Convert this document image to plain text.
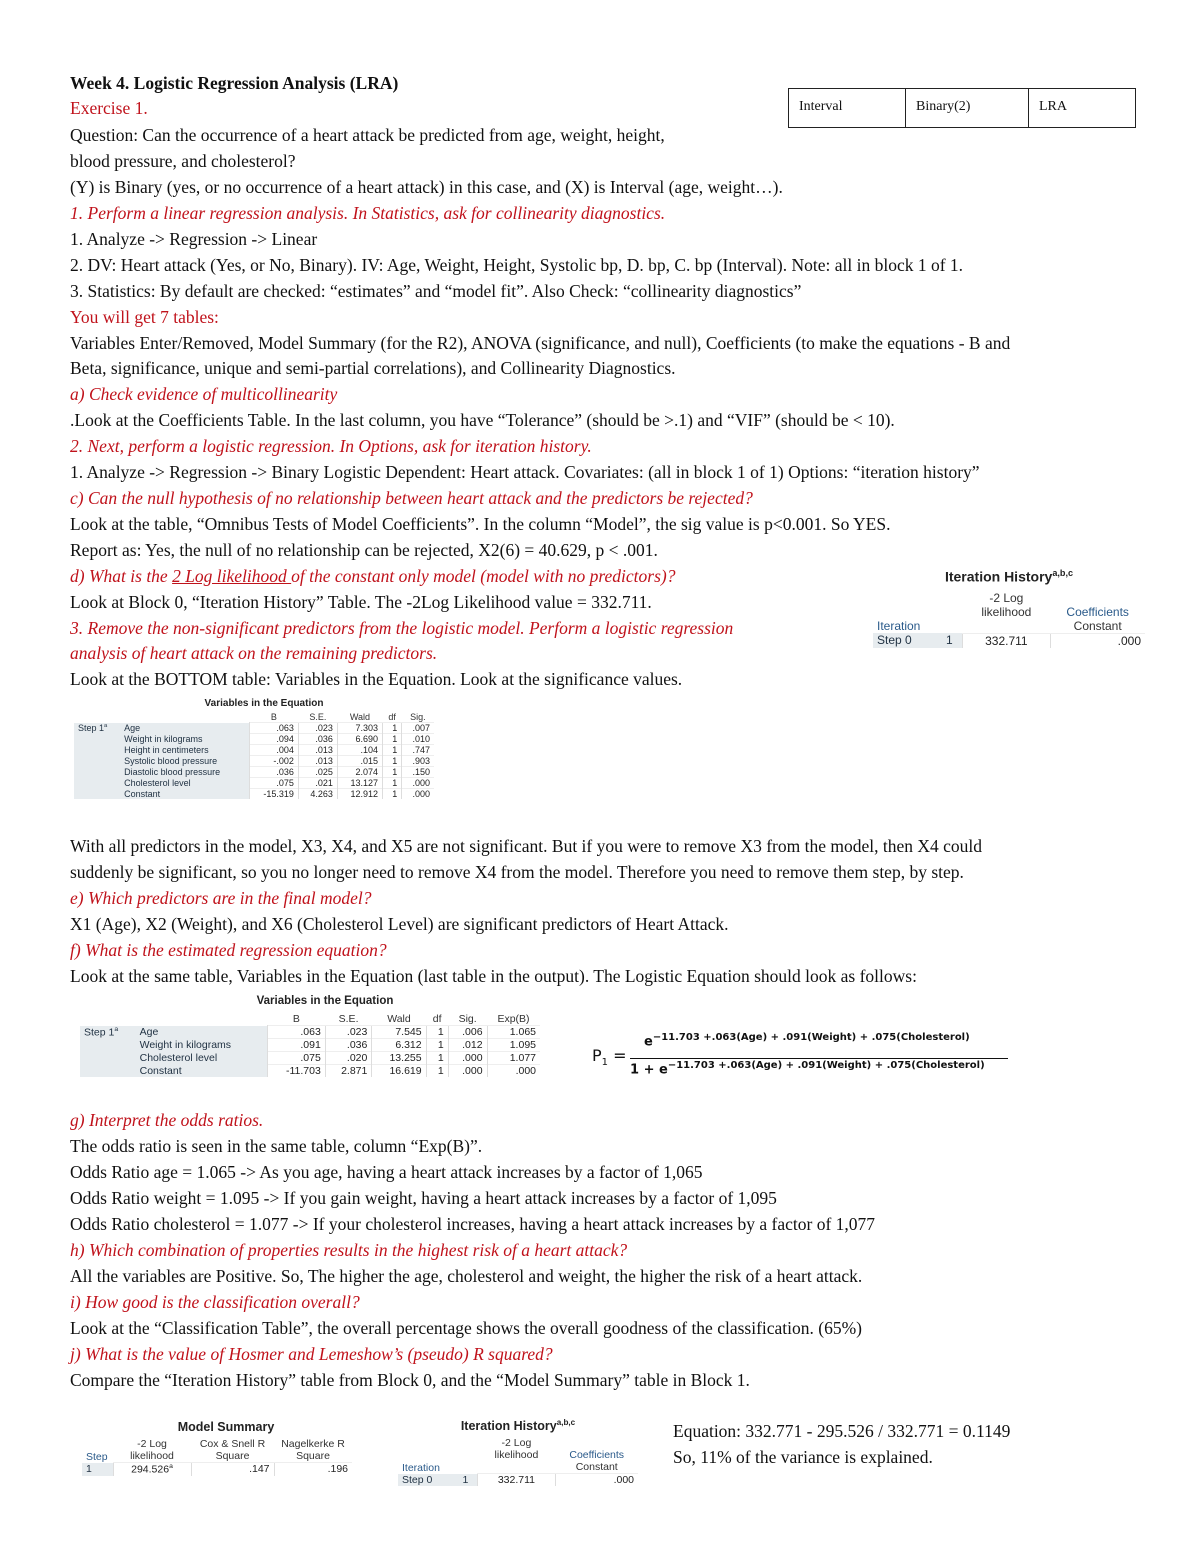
Week 4. Logistic Regression Analysis (LRA)
Exercise 1.	Interval	Binary(2)	LRA
Question: Can the occurrence of a heart attack be predicted from age, weight, height,
blood pressure, and cholesterol?
(Y) is Binary (yes, or no occurrence of a heart attack) in this case, and (X) is Interval (age, weight…).
1. Perform a linear regression analysis. In Statistics, ask for collinearity diagnostics.
1. Analyze -> Regression -> Linear
2. DV: Heart attack (Yes, or No, Binary). IV: Age, Weight, Height, Systolic bp, D. bp, C. bp (Interval). Note: all in block 1 of 1.
3. Statistics: By default are checked: “estimates” and “model fit”. Also Check: “collinearity diagnostics”
You will get 7 tables:
Variables Enter/Removed, Model Summary (for the R2), ANOVA (significance, and null), Coefficients (to make the equations - B and
Beta, significance, unique and semi-partial correlations), and Collinearity Diagnostics.
a) Check evidence of multicollinearity
.Look at the Coefficients Table. In the last column, you have “Tolerance” (should be >.1) and “VIF” (should be < 10).
2. Next, perform a logistic regression. In Options, ask for iteration history.
1. Analyze -> Regression -> Binary Logistic Dependent: Heart attack. Covariates: (all in block 1 of 1) Options: “iteration history”
c) Can the null hypothesis of no relationship between heart attack and the predictors be rejected?
Look at the table, “Omnibus Tests of Model Coefficients”. In the column “Model”, the sig value is p<0.001. So YES.
Report as: Yes, the null of no relationship can be rejected, X2(6) = 40.629, p < .001.
d) What is the 2 Log likelihood of the constant only model (model with no predictors)?
Look at Block 0, “Iteration History” Table. The -2Log Likelihood value = 332.711.
3. Remove the non-significant predictors from the logistic model. Perform a logistic regression
analysis of heart attack on the remaining predictors.
Look at the BOTTOM table: Variables in the Equation. Look at the significance values.
Iteration History$^{a,b,c}$
		-2 Log likelihood	Coefficients
Iteration			Constant
Step 0	1	332.711	.000
Variables in the Equation
		B	S.E.	Wald	df	Sig.
Step 1$^a$	Age	.063	.023	7.303	1	.007
	Weight in kilograms	.094	.036	6.690	1	.010
	Height in centimeters	.004	.013	.104	1	.747
	Systolic blood pressure	-.002	.013	.015	1	.903
	Diastolic blood pressure	.036	.025	2.074	1	.150
	Cholesterol level	.075	.021	13.127	1	.000
	Constant	-15.319	4.263	12.912	1	.000
With all predictors in the model, X3, X4, and X5 are not significant. But if you were to remove X3 from the model, then X4 could
suddenly be significant, so you no longer need to remove X4 from the model. Therefore you need to remove them step, by step.
e) Which predictors are in the final model?
X1 (Age), X2 (Weight), and X6 (Cholesterol Level) are significant predictors of Heart Attack.
f) What is the estimated regression equation?
Look at the same table, Variables in the Equation (last table in the output). The Logistic Equation should look as follows:
Variables in the Equation
		B	S.E.	Wald	df	Sig.	Exp(B)
Step 1$^a$	Age	.063	.023	7.545	1	.006	1.065
	Weight in kilograms	.091	.036	6.312	1	.012	1.095
	Cholesterol level	.075	.020	13.255	1	.000	1.077
	Constant	-11.703	2.871	16.619	1	.000	.000
$P_1$ =
$e^{-11.703 +.063(Age) + .091(Weight) + .075(Cholesterol)}$
$1 + e^{-11.703 +.063(Age) + .091(Weight) + .075(Cholesterol)}$
g) Interpret the odds ratios.
The odds ratio is seen in the same table, column “Exp(B)”.
Odds Ratio age = 1.065 -> As you age, having a heart attack increases by a factor of 1,065
Odds Ratio weight = 1.095 -> If you gain weight, having a heart attack increases by a factor of 1,095
Odds Ratio cholesterol = 1.077 -> If your cholesterol increases, having a heart attack increases by a factor of 1,077
h) Which combination of properties results in the highest risk of a heart attack?
All the variables are Positive. So, The higher the age, cholesterol and weight, the higher the risk of a heart attack.
i) How good is the classification overall?
Look at the “Classification Table”, the overall percentage shows the overall goodness of the classification. (65%)
j) What is the value of Hosmer and Lemeshow’s (pseudo) R squared?
Compare the “Iteration History” table from Block 0, and the “Model Summary” table in Block 1.
Model Summary
Step	-2 Log likelihood	Cox & Snell R Square	Nagelkerke R Square
1	294.526$^a$	.147	.196
Iteration History$^{a,b,c}$
		-2 Log likelihood	Coefficients
Iteration			Constant
Step 0	1	332.711	.000
Equation: 332.771 - 295.526 / 332.771 = 0.1149
So, 11% of the variance is explained.
